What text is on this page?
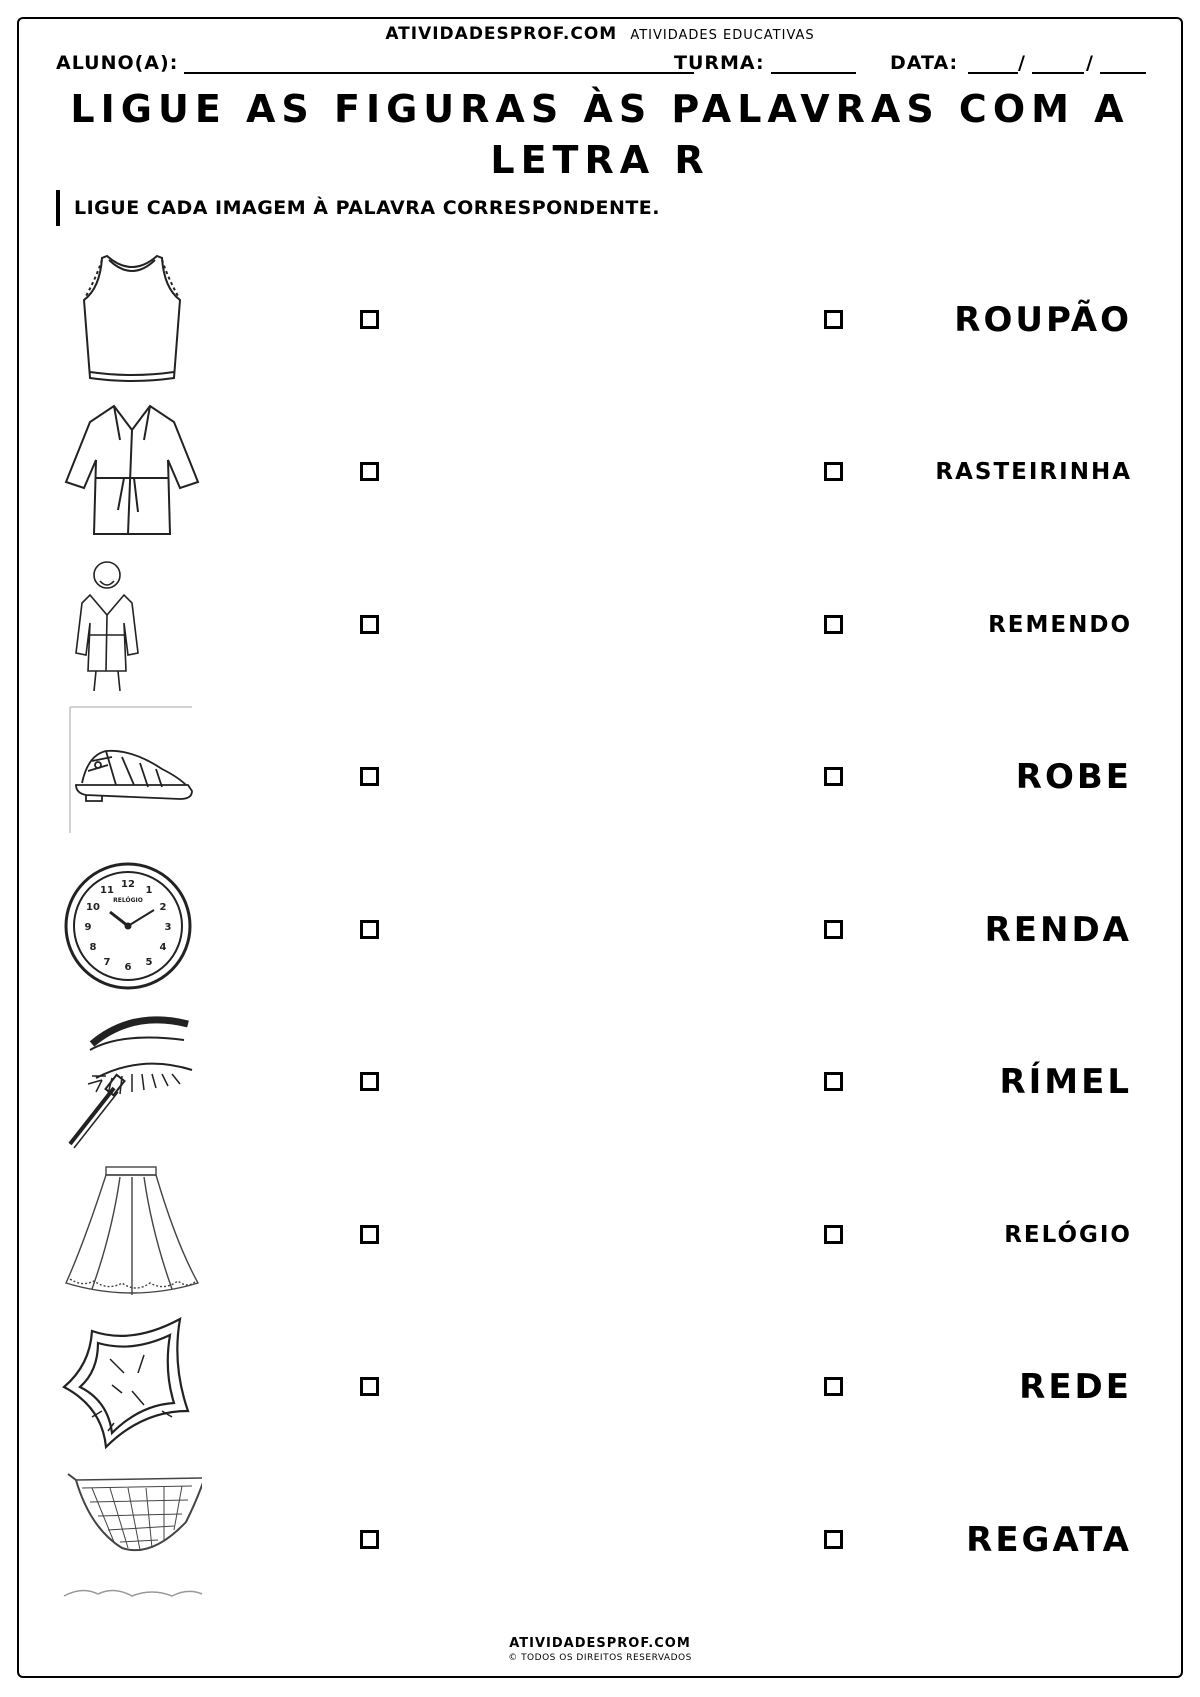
ATIVIDADESPROF.COM ATIVIDADES EDUCATIVAS
ALUNO(A):	TURMA:	DATA:	/	/
LIGUE AS FIGURAS ÀS PALAVRAS COM A
LETRA R
LIGUE CADA IMAGEM À PALAVRA CORRESPONDENTE.
ROUPÃO
RASTEIRINHA
REMENDO
ROBE
12
1
2
3
4
5
6
7
8
9
10
11
RELÓGIO
RENDA
RÍMEL
RELÓGIO
REDE
REGATA
ATIVIDADESPROF.COM
© TODOS OS DIREITOS RESERVADOS
